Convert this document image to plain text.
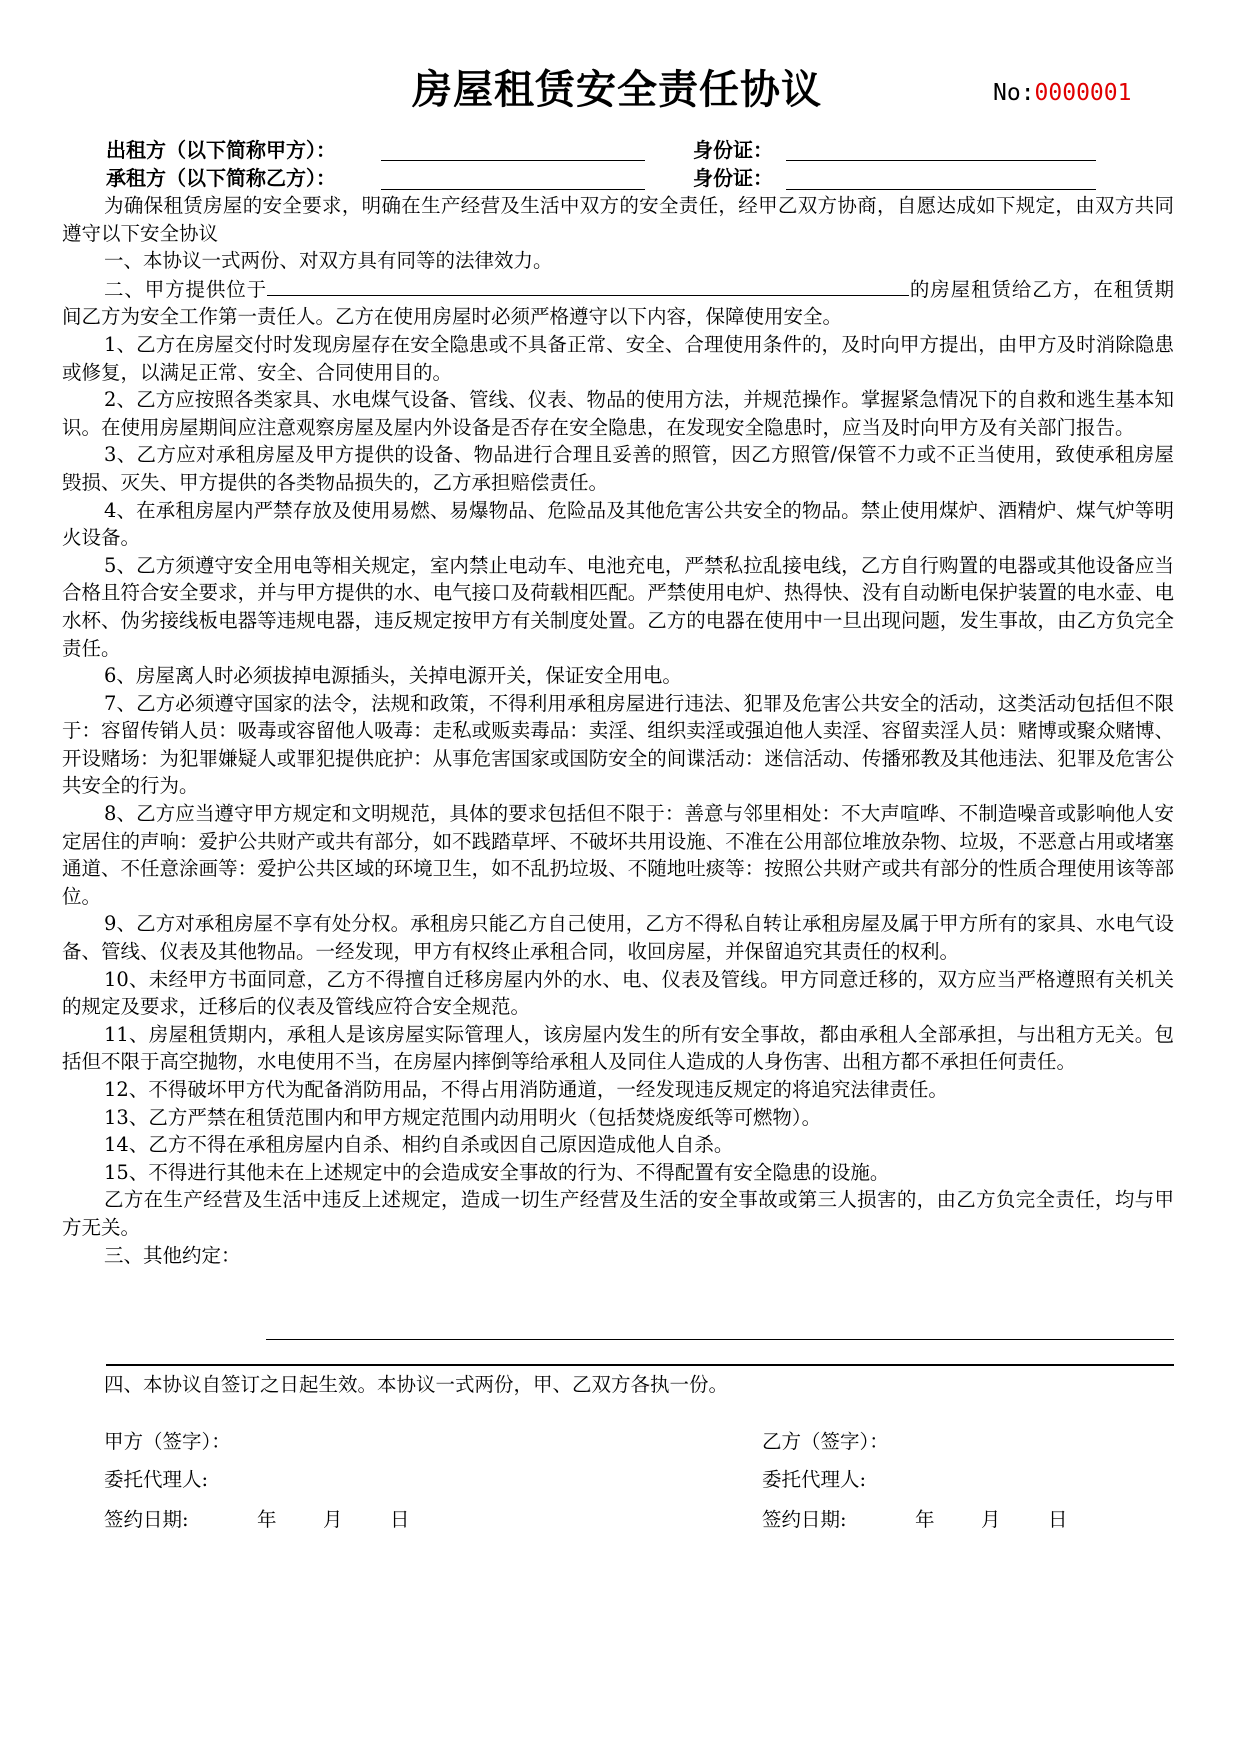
房屋租赁安全责任协议	No:0000001
出租方（以下简称甲方）：	身份证：
承租方（以下简称乙方）：	身份证：

为确保租赁房屋的安全要求，明确在生产经营及生活中双方的安全责任，经甲乙双方协商，自愿达成如下规定，由双方共同遵守以下安全协议

一、本协议一式两份、对双方具有同等的法律效力。

二、甲方提供位于	的房屋租赁给乙方，在租赁期间乙方为安全工作第一责任人。乙方在使用房屋时必须严格遵守以下内容，保障使用安全。

1、乙方在房屋交付时发现房屋存在安全隐患或不具备正常、安全、合理使用条件的，及时向甲方提出，由甲方及时消除隐患或修复，以满足正常、安全、合同使用目的。

2、乙方应按照各类家具、水电煤气设备、管线、仪表、物品的使用方法，并规范操作。掌握紧急情况下的自救和逃生基本知识。在使用房屋期间应注意观察房屋及屋内外设备是否存在安全隐患，在发现安全隐患时，应当及时向甲方及有关部门报告。

3、乙方应对承租房屋及甲方提供的设备、物品进行合理且妥善的照管，因乙方照管/保管不力或不正当使用，致使承租房屋毁损、灭失、甲方提供的各类物品损失的，乙方承担赔偿责任。

4、在承租房屋内严禁存放及使用易燃、易爆物品、危险品及其他危害公共安全的物品。禁止使用煤炉、酒精炉、煤气炉等明火设备。

5、乙方须遵守安全用电等相关规定，室内禁止电动车、电池充电，严禁私拉乱接电线，乙方自行购置的电器或其他设备应当合格且符合安全要求，并与甲方提供的水、电气接口及荷载相匹配。严禁使用电炉、热得快、没有自动断电保护装置的电水壶、电水杯、伪劣接线板电器等违规电器，违反规定按甲方有关制度处置。乙方的电器在使用中一旦出现问题，发生事故，由乙方负完全责任。

6、房屋离人时必须拔掉电源插头，关掉电源开关，保证安全用电。

7、乙方必须遵守国家的法令，法规和政策，不得利用承租房屋进行违法、犯罪及危害公共安全的活动，这类活动包括但不限于：容留传销人员：吸毒或容留他人吸毒：走私或贩卖毒品：卖淫、组织卖淫或强迫他人卖淫、容留卖淫人员：赌博或聚众赌博、开设赌场：为犯罪嫌疑人或罪犯提供庇护：从事危害国家或国防安全的间谍活动：迷信活动、传播邪教及其他违法、犯罪及危害公共安全的行为。

8、乙方应当遵守甲方规定和文明规范，具体的要求包括但不限于：善意与邻里相处：不大声喧哗、不制造噪音或影响他人安定居住的声响：爱护公共财产或共有部分，如不践踏草坪、不破坏共用设施、不准在公用部位堆放杂物、垃圾，不恶意占用或堵塞通道、不任意涂画等：爱护公共区域的环境卫生，如不乱扔垃圾、不随地吐痰等：按照公共财产或共有部分的性质合理使用该等部位。

9、乙方对承租房屋不享有处分权。承租房只能乙方自己使用，乙方不得私自转让承租房屋及属于甲方所有的家具、水电气设备、管线、仪表及其他物品。一经发现，甲方有权终止承租合同，收回房屋，并保留追究其责任的权利。

10、未经甲方书面同意，乙方不得擅自迁移房屋内外的水、电、仪表及管线。甲方同意迁移的，双方应当严格遵照有关机关的规定及要求，迁移后的仪表及管线应符合安全规范。

11、房屋租赁期内，承租人是该房屋实际管理人，该房屋内发生的所有安全事故，都由承租人全部承担，与出租方无关。包括但不限于高空抛物，水电使用不当，在房屋内摔倒等给承租人及同住人造成的人身伤害、出租方都不承担任何责任。

12、不得破坏甲方代为配备消防用品，不得占用消防通道，一经发现违反规定的将追究法律责任。

13、乙方严禁在租赁范围内和甲方规定范围内动用明火（包括焚烧废纸等可燃物）。

14、乙方不得在承租房屋内自杀、相约自杀或因自己原因造成他人自杀。

15、不得进行其他未在上述规定中的会造成安全事故的行为、不得配置有安全隐患的设施。

乙方在生产经营及生活中违反上述规定，造成一切生产经营及生活的安全事故或第三人损害的，由乙方负完全责任，均与甲方无关。

三、其他约定：

四、本协议自签订之日起生效。本协议一式两份，甲、乙双方各执一份。
甲方（签字）：	乙方（签字）：
委托代理人:	委托代理人:
签约日期:	年 月 日	签约日期:	年 月 日
